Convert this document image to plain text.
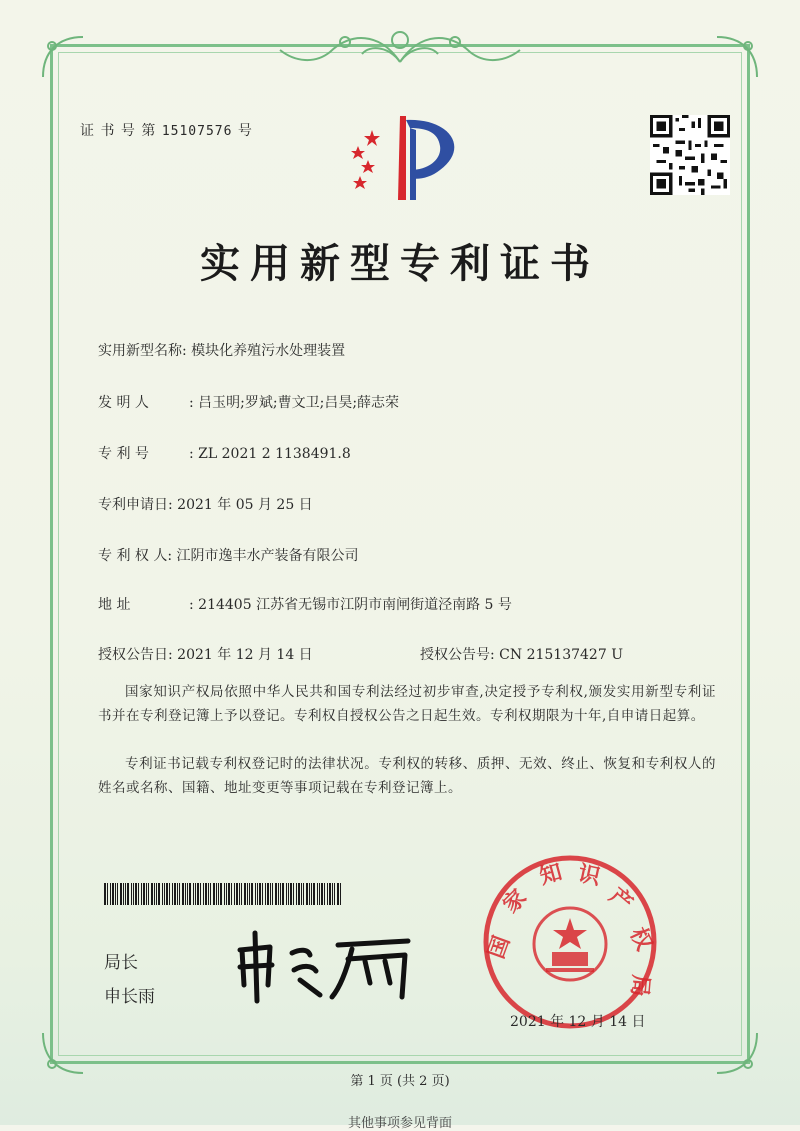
证 书 号 第 15107576 号
实用新型专利证书
实用新型名称: 模块化养殖污水处理装置
发 明 人	: 吕玉明;罗斌;曹文卫;吕昊;薛志荣
专 利 号	: ZL 2021 2 1138491.8
专利申请日: 2021 年 05 月 25 日
专 利 权 人: 江阴市逸丰水产装备有限公司
地 址	: 214405 江苏省无锡市江阴市南闸街道泾南路 5 号
授权公告日: 2021 年 12 月 14 日	授权公告号: CN 215137427 U
国家知识产权局依照中华人民共和国专利法经过初步审查,决定授予专利权,颁发实用新型专利证书并在专利登记簿上予以登记。专利权自授权公告之日起生效。专利权期限为十年,自申请日起算。
专利证书记载专利权登记时的法律状况。专利权的转移、质押、无效、终止、恢复和专利权人的姓名或名称、国籍、地址变更等事项记载在专利登记簿上。
局长
申长雨
国
家
知 识
产
权
局
2021 年 12 月 14 日
第 1 页 (共 2 页)
其他事项参见背面
